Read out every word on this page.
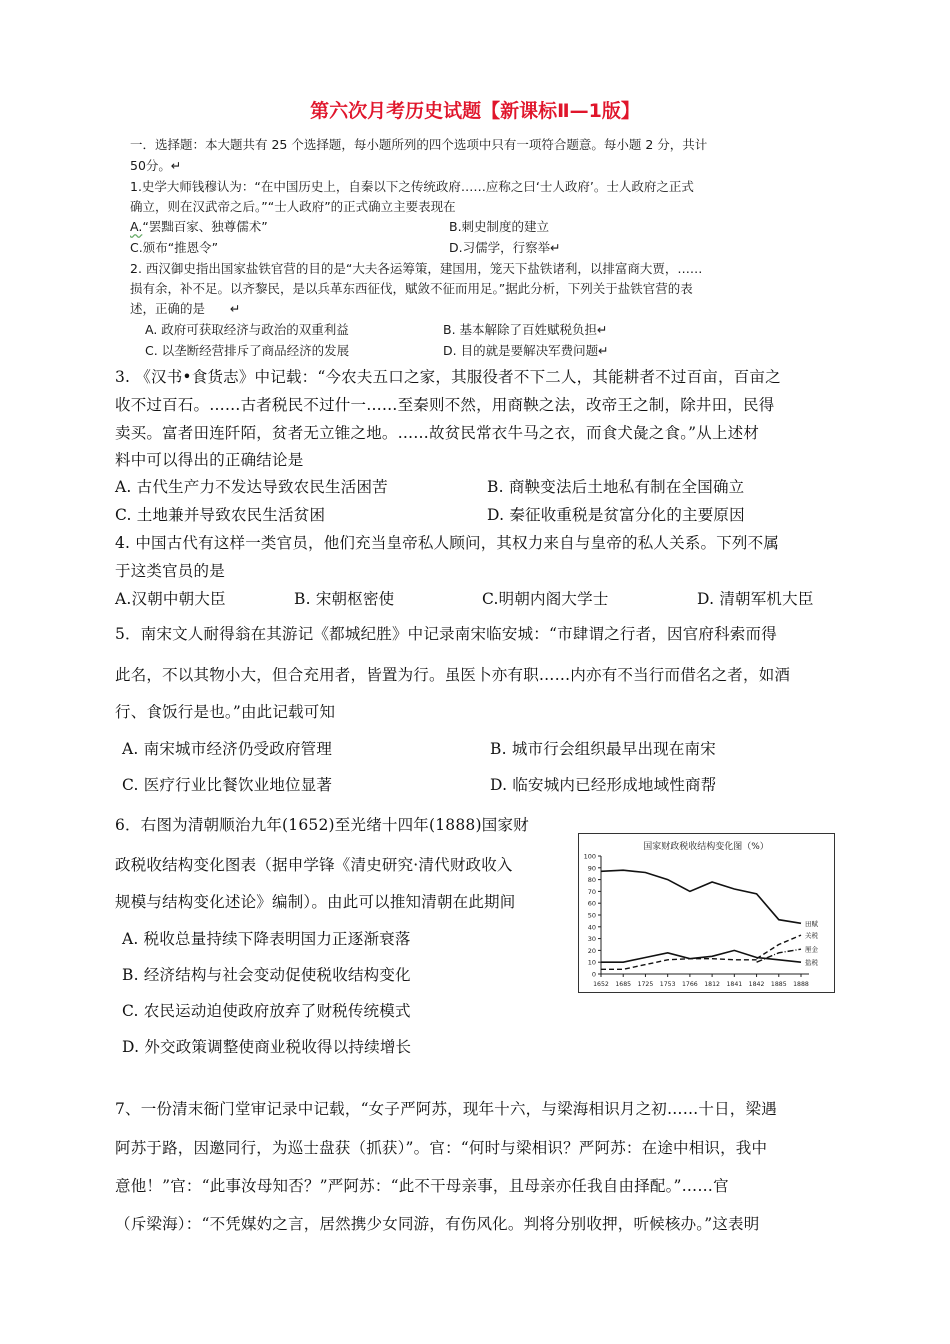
第六次月考历史试题【新课标Ⅱ—1版】
一．选择题：本大题共有 25 个选择题，每小题所列的四个选项中只有一项符合题意。每小题 2 分，共计
50分。↵
1.史学大师钱穆认为：“在中国历史上，自秦以下之传统政府……应称之曰‘士人政府’。士人政府之正式
确立，则在汉武帝之后。”“士人政府”的正式确立主要表现在
A.“罢黜百家、独尊儒术”	B.刺史制度的建立
C.颁布“推恩令”	D.习儒学，行察举↵
2. 西汉御史指出国家盐铁官营的目的是“大夫各运筹策，建国用，笼天下盐铁诸利，以排富商大贾，……
损有余，补不足。以齐黎民，是以兵革东西征伐，赋敛不征而用足。”据此分析，下列关于盐铁官营的表
述，正确的是　　↵
A. 政府可获取经济与政治的双重利益	B. 基本解除了百姓赋税负担↵
C. 以垄断经营排斥了商品经济的发展	D. 目的就是要解决军费问题↵
3. 《汉书•食货志》中记载：“今农夫五口之家，其服役者不下二人，其能耕者不过百亩，百亩之
收不过百石。……古者税民不过什一……至秦则不然，用商鞅之法，改帝王之制，除井田，民得
卖买。富者田连阡陌，贫者无立锥之地。……故贫民常衣牛马之衣，而食犬彘之食。”从上述材
料中可以得出的正确结论是
A. 古代生产力不发达导致农民生活困苦	B. 商鞅变法后土地私有制在全国确立
C. 土地兼并导致农民生活贫困	D. 秦征收重税是贫富分化的主要原因
4. 中国古代有这样一类官员，他们充当皇帝私人顾问，其权力来自与皇帝的私人关系。下列不属
于这类官员的是
A.汉朝中朝大臣	B. 宋朝枢密使	C.明朝内阁大学士	D. 清朝军机大臣
5．南宋文人耐得翁在其游记《都城纪胜》中记录南宋临安城：“市肆谓之行者，因官府科索而得
此名，不以其物小大，但合充用者，皆置为行。虽医卜亦有职……内亦有不当行而借名之者，如酒
行、食饭行是也。”由此记载可知
A. 南宋城市经济仍受政府管理	B. 城市行会组织最早出现在南宋
C. 医疗行业比餐饮业地位显著	D. 临安城内已经形成地域性商帮
6．右图为清朝顺治九年(1652)至光绪十四年(1888)国家财
政税收结构变化图表（据申学锋《清史研究·清代财政收入
规模与结构变化述论》编制）。由此可以推知清朝在此期间
A. 税收总量持续下降表明国力正逐渐衰落
B. 经济结构与社会变动促使税收结构变化
C. 农民运动迫使政府放弃了财税传统模式
D. 外交政策调整使商业税收得以持续增长
国家财政税收结构变化图（%）
0
10
20
30
40
50
60
70
80
90
100
1652 1685 1725 1753 1766 1812 1841 1842 1885 1888
田赋
关税
厘金
盐税
7、一份清末衙门堂审记录中记载，“女子严阿苏，现年十六，与梁海相识月之初……十日，梁遇
阿苏于路，因邀同行，为巡士盘获（抓获）”。官：“何时与梁相识？严阿苏：在途中相识，我中
意他！”官：“此事汝母知否？”严阿苏：“此不干母亲事，且母亲亦任我自由择配。”……官
（斥梁海）：“不凭媒妁之言，居然携少女同游，有伤风化。判将分别收押，听候核办。”这表明
